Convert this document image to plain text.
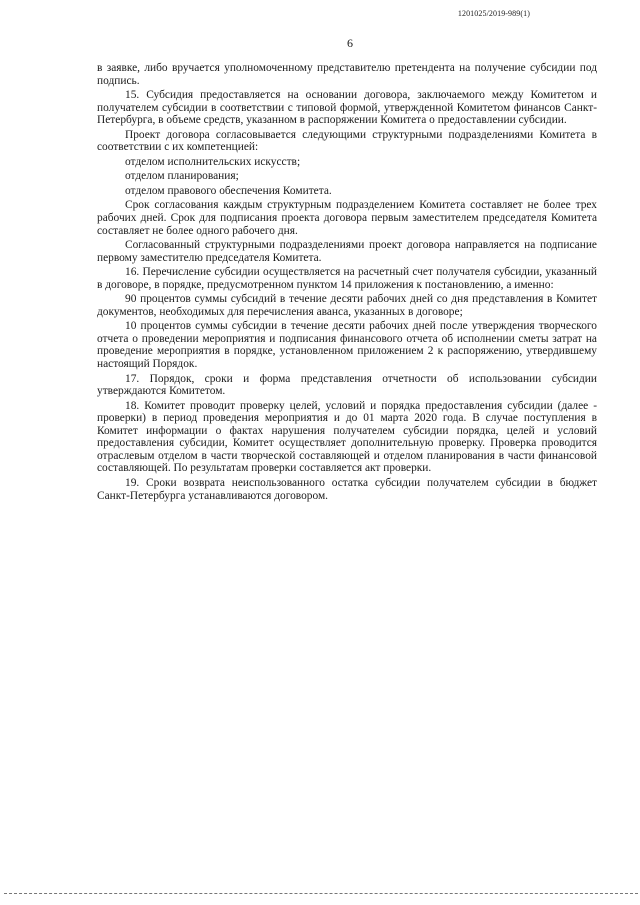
1201025/2019-989(1)
6

в заявке, либо вручается уполномоченному представителю претендента на получение субсидии под подпись.

15. Субсидия предоставляется на основании договора, заключаемого между Комитетом и получателем субсидии в соответствии с типовой формой, утвержденной Комитетом финансов Санкт-Петербурга, в объеме средств, указанном в распоряжении Комитета о предоставлении субсидии.

Проект договора согласовывается следующими структурными подразделениями Комитета в соответствии с их компетенцией:

отделом исполнительских искусств;

отделом планирования;

отделом правового обеспечения Комитета.

Срок согласования каждым структурным подразделением Комитета составляет не более трех рабочих дней. Срок для подписания проекта договора первым заместителем председателя Комитета составляет не более одного рабочего дня.

Согласованный структурными подразделениями проект договора направляется на подписание первому заместителю председателя Комитета.

16. Перечисление субсидии осуществляется на расчетный счет получателя субсидии, указанный в договоре, в порядке, предусмотренном пунктом 14 приложения к постановлению, а именно:

90 процентов суммы субсидий в течение десяти рабочих дней со дня представления в Комитет документов, необходимых для перечисления аванса, указанных в договоре;

10 процентов суммы субсидии в течение десяти рабочих дней после утверждения творческого отчета о проведении мероприятия и подписания финансового отчета об исполнении сметы затрат на проведение мероприятия в порядке, установленном приложением 2 к распоряжению, утвердившему настоящий Порядок.

17. Порядок, сроки и форма представления отчетности об использовании субсидии утверждаются Комитетом.

18. Комитет проводит проверку целей, условий и порядка предоставления субсидии (далее - проверки) в период проведения мероприятия и до 01 марта 2020 года. В случае поступления в Комитет информации о фактах нарушения получателем субсидии порядка, целей и условий предоставления субсидии, Комитет осуществляет дополнительную проверку. Проверка проводится отраслевым отделом в части творческой составляющей и отделом планирования в части финансовой составляющей. По результатам проверки составляется акт проверки.

19. Сроки возврата неиспользованного остатка субсидии получателем субсидии в бюджет Санкт-Петербурга устанавливаются договором.
